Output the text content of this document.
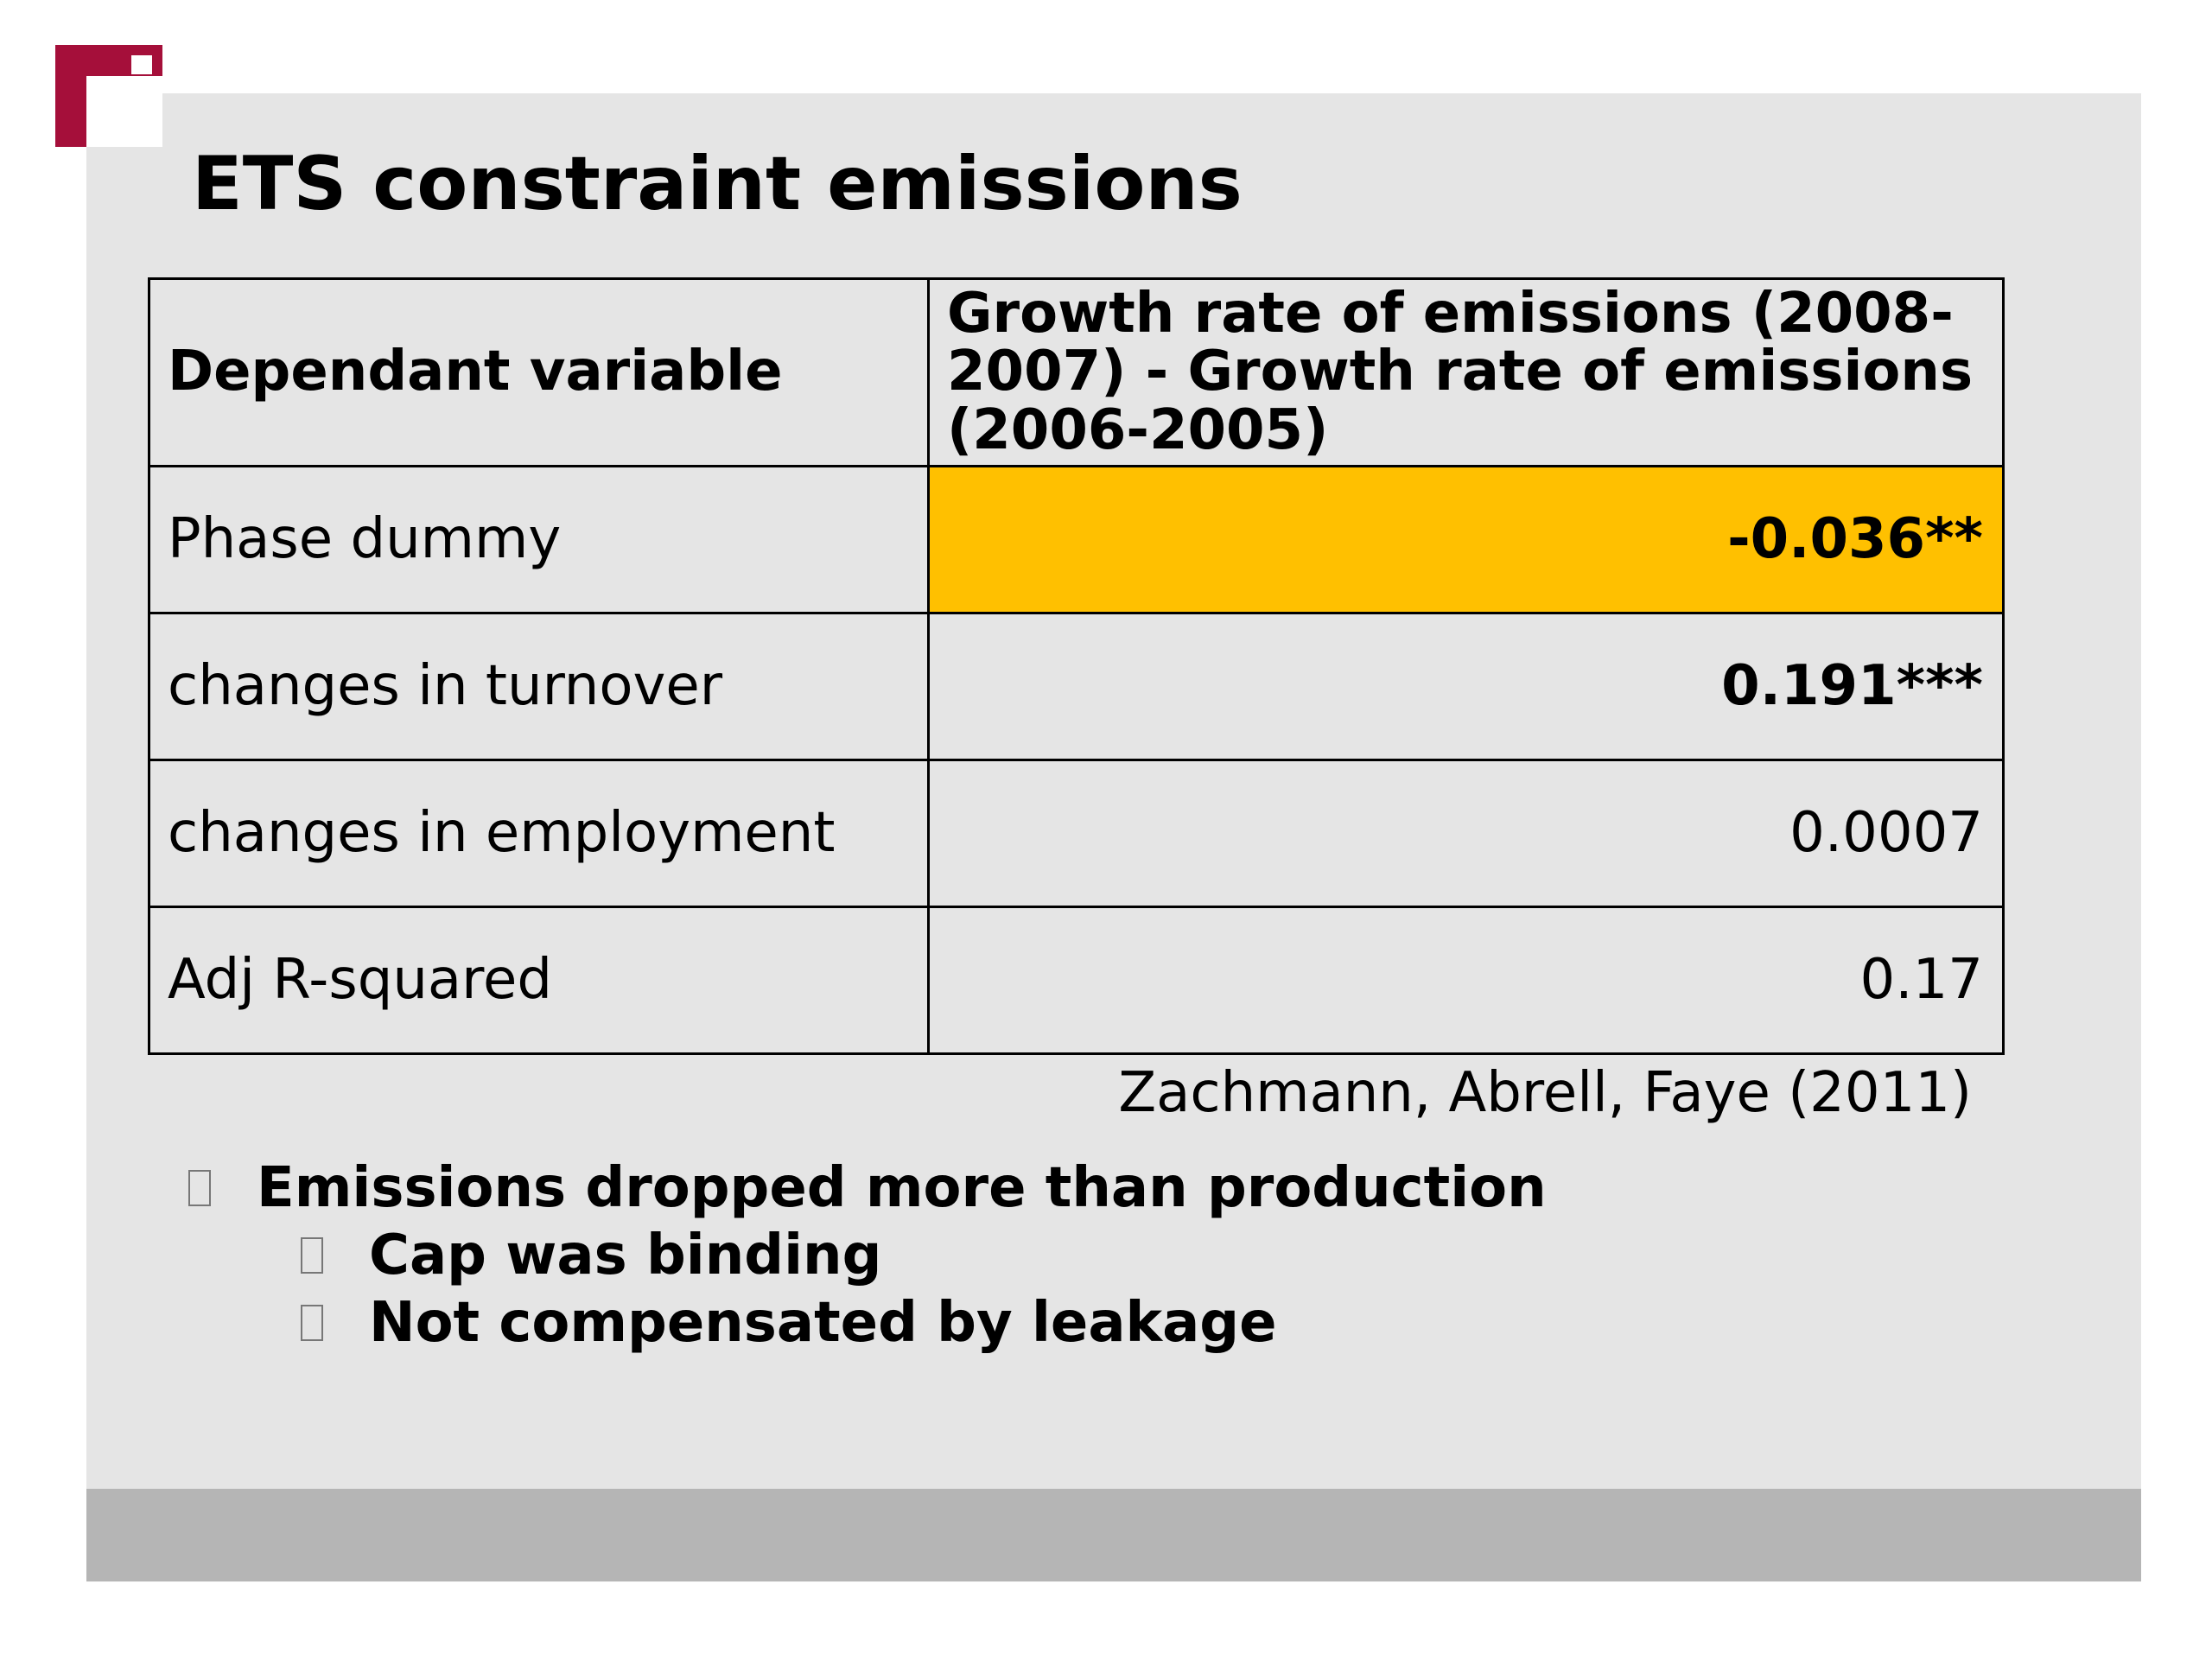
ETS constraint emissions
Dependant variable	Growth rate of emissions (2008-2007) - Growth rate of emissions (2006-2005)
Phase dummy	-0.036**
changes in turnover	0.191***
changes in employment	0.0007
Adj R-squared	0.17
Zachmann, Abrell, Faye (2011)
Emissions dropped more than production
Cap was binding
Not compensated by leakage
